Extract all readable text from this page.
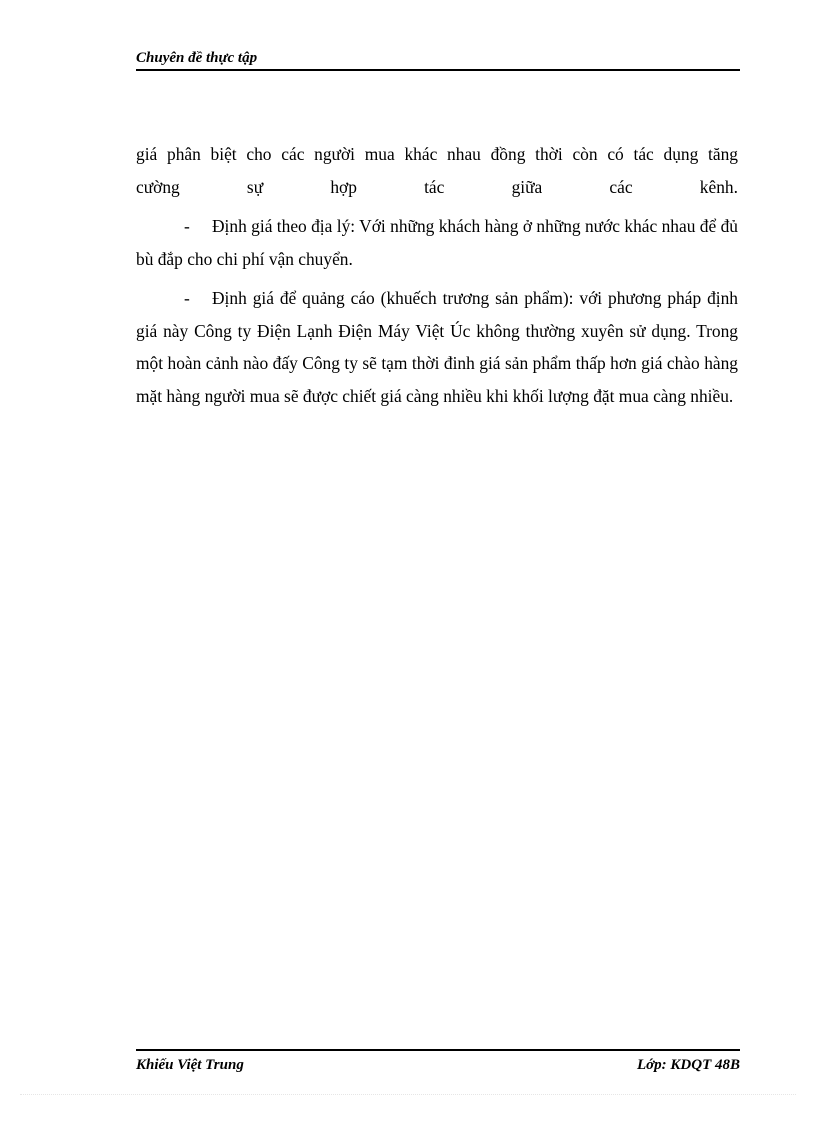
Chuyên đề thực tập

giá phân biệt cho các người mua khác nhau đồng thời còn có tác dụng tăng
cường	sự	hợp	tác	giữa	các	kênh.

- Định giá theo địa lý: Với những khách hàng ở những nước khác nhau để đủ bù đắp cho chi phí vận chuyển.

- Định giá để quảng cáo (khuếch trương sản phẩm): với phương pháp định giá này Công ty Điện Lạnh Điện Máy Việt Úc không thường xuyên sử dụng. Trong một hoàn cảnh nào đấy Công ty sẽ tạm thời đinh giá sản phẩm thấp hơn giá chào hàng mặt hàng người mua sẽ được chiết giá càng nhiều khi khối lượng đặt mua càng nhiều.

Khiếu Việt Trung	Lớp: KDQT 48B
